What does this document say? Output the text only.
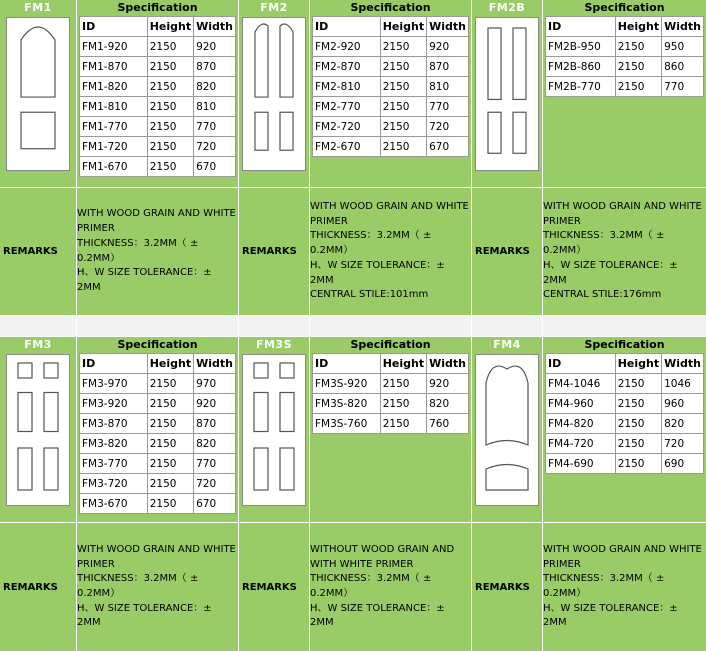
FM1	Specification
ID	Height	Width
FM1-920	2150	920
FM1-870	2150	870
FM1-820	2150	820
FM1-810	2150	810
FM1-770	2150	770
FM1-720	2150	720
FM1-670	2150	670
REMARKS
WITH WOOD GRAIN AND WHITE
PRIMER
THICKNESS：3.2MM（ ±
0.2MM）
H、W SIZE TOLERANCE：±
2MM
FM2	Specification
ID	Height	Width
FM2-920	2150	920
FM2-870	2150	870
FM2-810	2150	810
FM2-770	2150	770
FM2-720	2150	720
FM2-670	2150	670
REMARKS
WITH WOOD GRAIN AND WHITE
PRIMER
THICKNESS：3.2MM（ ±
0.2MM）
H、W SIZE TOLERANCE：±
2MM
CENTRAL STILE:101mm
FM2B	Specification
ID	Height	Width
FM2B-950	2150	950
FM2B-860	2150	860
FM2B-770	2150	770
REMARKS
WITH WOOD GRAIN AND WHITE
PRIMER
THICKNESS：3.2MM（ ±
0.2MM）
H、W SIZE TOLERANCE：±
2MM
CENTRAL STILE:176mm
FM3	Specification
ID	Height	Width
FM3-970	2150	970
FM3-920	2150	920
FM3-870	2150	870
FM3-820	2150	820
FM3-770	2150	770
FM3-720	2150	720
FM3-670	2150	670
REMARKS
WITH WOOD GRAIN AND WHITE
PRIMER
THICKNESS：3.2MM（ ±
0.2MM）
H、W SIZE TOLERANCE：±
2MM
FM3S	Specification
ID	Height	Width
FM3S-920	2150	920
FM3S-820	2150	820
FM3S-760	2150	760
REMARKS
WITHOUT WOOD GRAIN AND
WITH WHITE PRIMER
THICKNESS：3.2MM（ ±
0.2MM）
H、W SIZE TOLERANCE：±
2MM
FM4	Specification
ID	Height	Width
FM4-1046	2150	1046
FM4-960	2150	960
FM4-820	2150	820
FM4-720	2150	720
FM4-690	2150	690
REMARKS
WITH WOOD GRAIN AND WHITE
PRIMER
THICKNESS：3.2MM（ ±
0.2MM）
H、W SIZE TOLERANCE：±
2MM
